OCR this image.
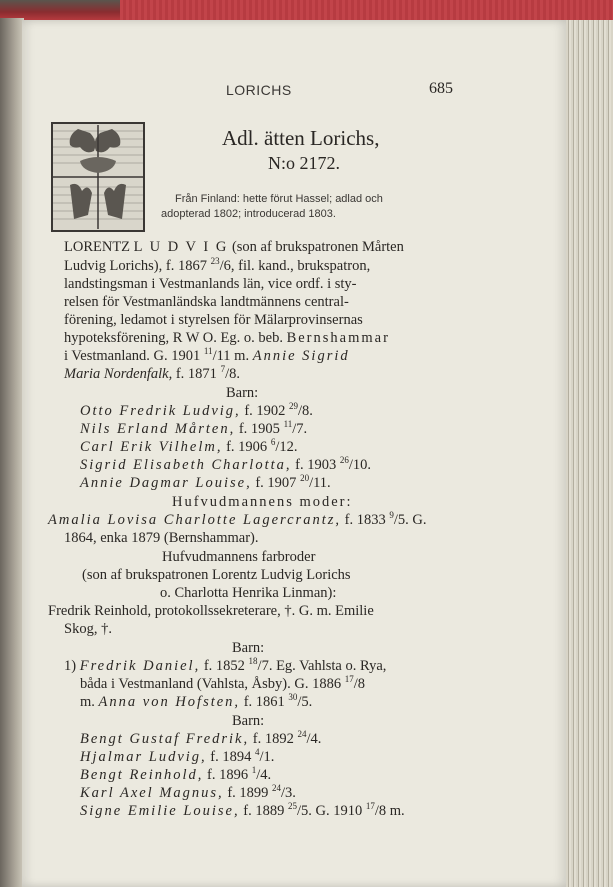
LORICHS	685
Adl. ätten Lorichs,
N:o 2172.
Från Finland: hette förut Hassel; adlad och
adopterad 1802; introducerad 1803.
LORENTZ L U D V I G (son af brukspatronen Mårten
Ludvig Lorichs), f. 1867 $^{23}$/6, fil. kand., brukspatron,
landstingsman i Vestmanlands län, vice ordf. i sty-
relsen för Vestmanländska landtmännens central-
förening, ledamot i styrelsen för Mälarprovinsernas
hypoteksförening, R W O. Eg. o. beb. Bernshammar
i Vestmanland. G. 1901 $^{11}$/11 m. Annie Sigrid
Maria Nordenfalk, f. 1871 $^7$/8.
Barn:
Otto Fredrik Ludvig, f. 1902 $^{29}$/8.
Nils Erland Mårten, f. 1905 $^{11}$/7.
Carl Erik Vilhelm, f. 1906 $^6$/12.
Sigrid Elisabeth Charlotta, f. 1903 $^{26}$/10.
Annie Dagmar Louise, f. 1907 $^{20}$/11.
Hufvudmannens moder:
Amalia Lovisa Charlotte Lagercrantz, f. 1833 $^9$/5. G.
1864, enka 1879 (Bernshammar).
Hufvudmannens farbroder
(son af brukspatronen Lorentz Ludvig Lorichs
o. Charlotta Henrika Linman):
Fredrik Reinhold, protokollssekreterare, †. G. m. Emilie
Skog, †.
Barn:
1) Fredrik Daniel, f. 1852 $^{18}$/7. Eg. Vahlsta o. Rya,
båda i Vestmanland (Vahlsta, Åsby). G. 1886 $^{17}$/8
m. Anna von Hofsten, f. 1861 $^{30}$/5.
Barn:
Bengt Gustaf Fredrik, f. 1892 $^{24}$/4.
Hjalmar Ludvig, f. 1894 $^4$/1.
Bengt Reinhold, f. 1896 $^1$/4.
Karl Axel Magnus, f. 1899 $^{24}$/3.
Signe Emilie Louise, f. 1889 $^{25}$/5. G. 1910 $^{17}$/8 m.
